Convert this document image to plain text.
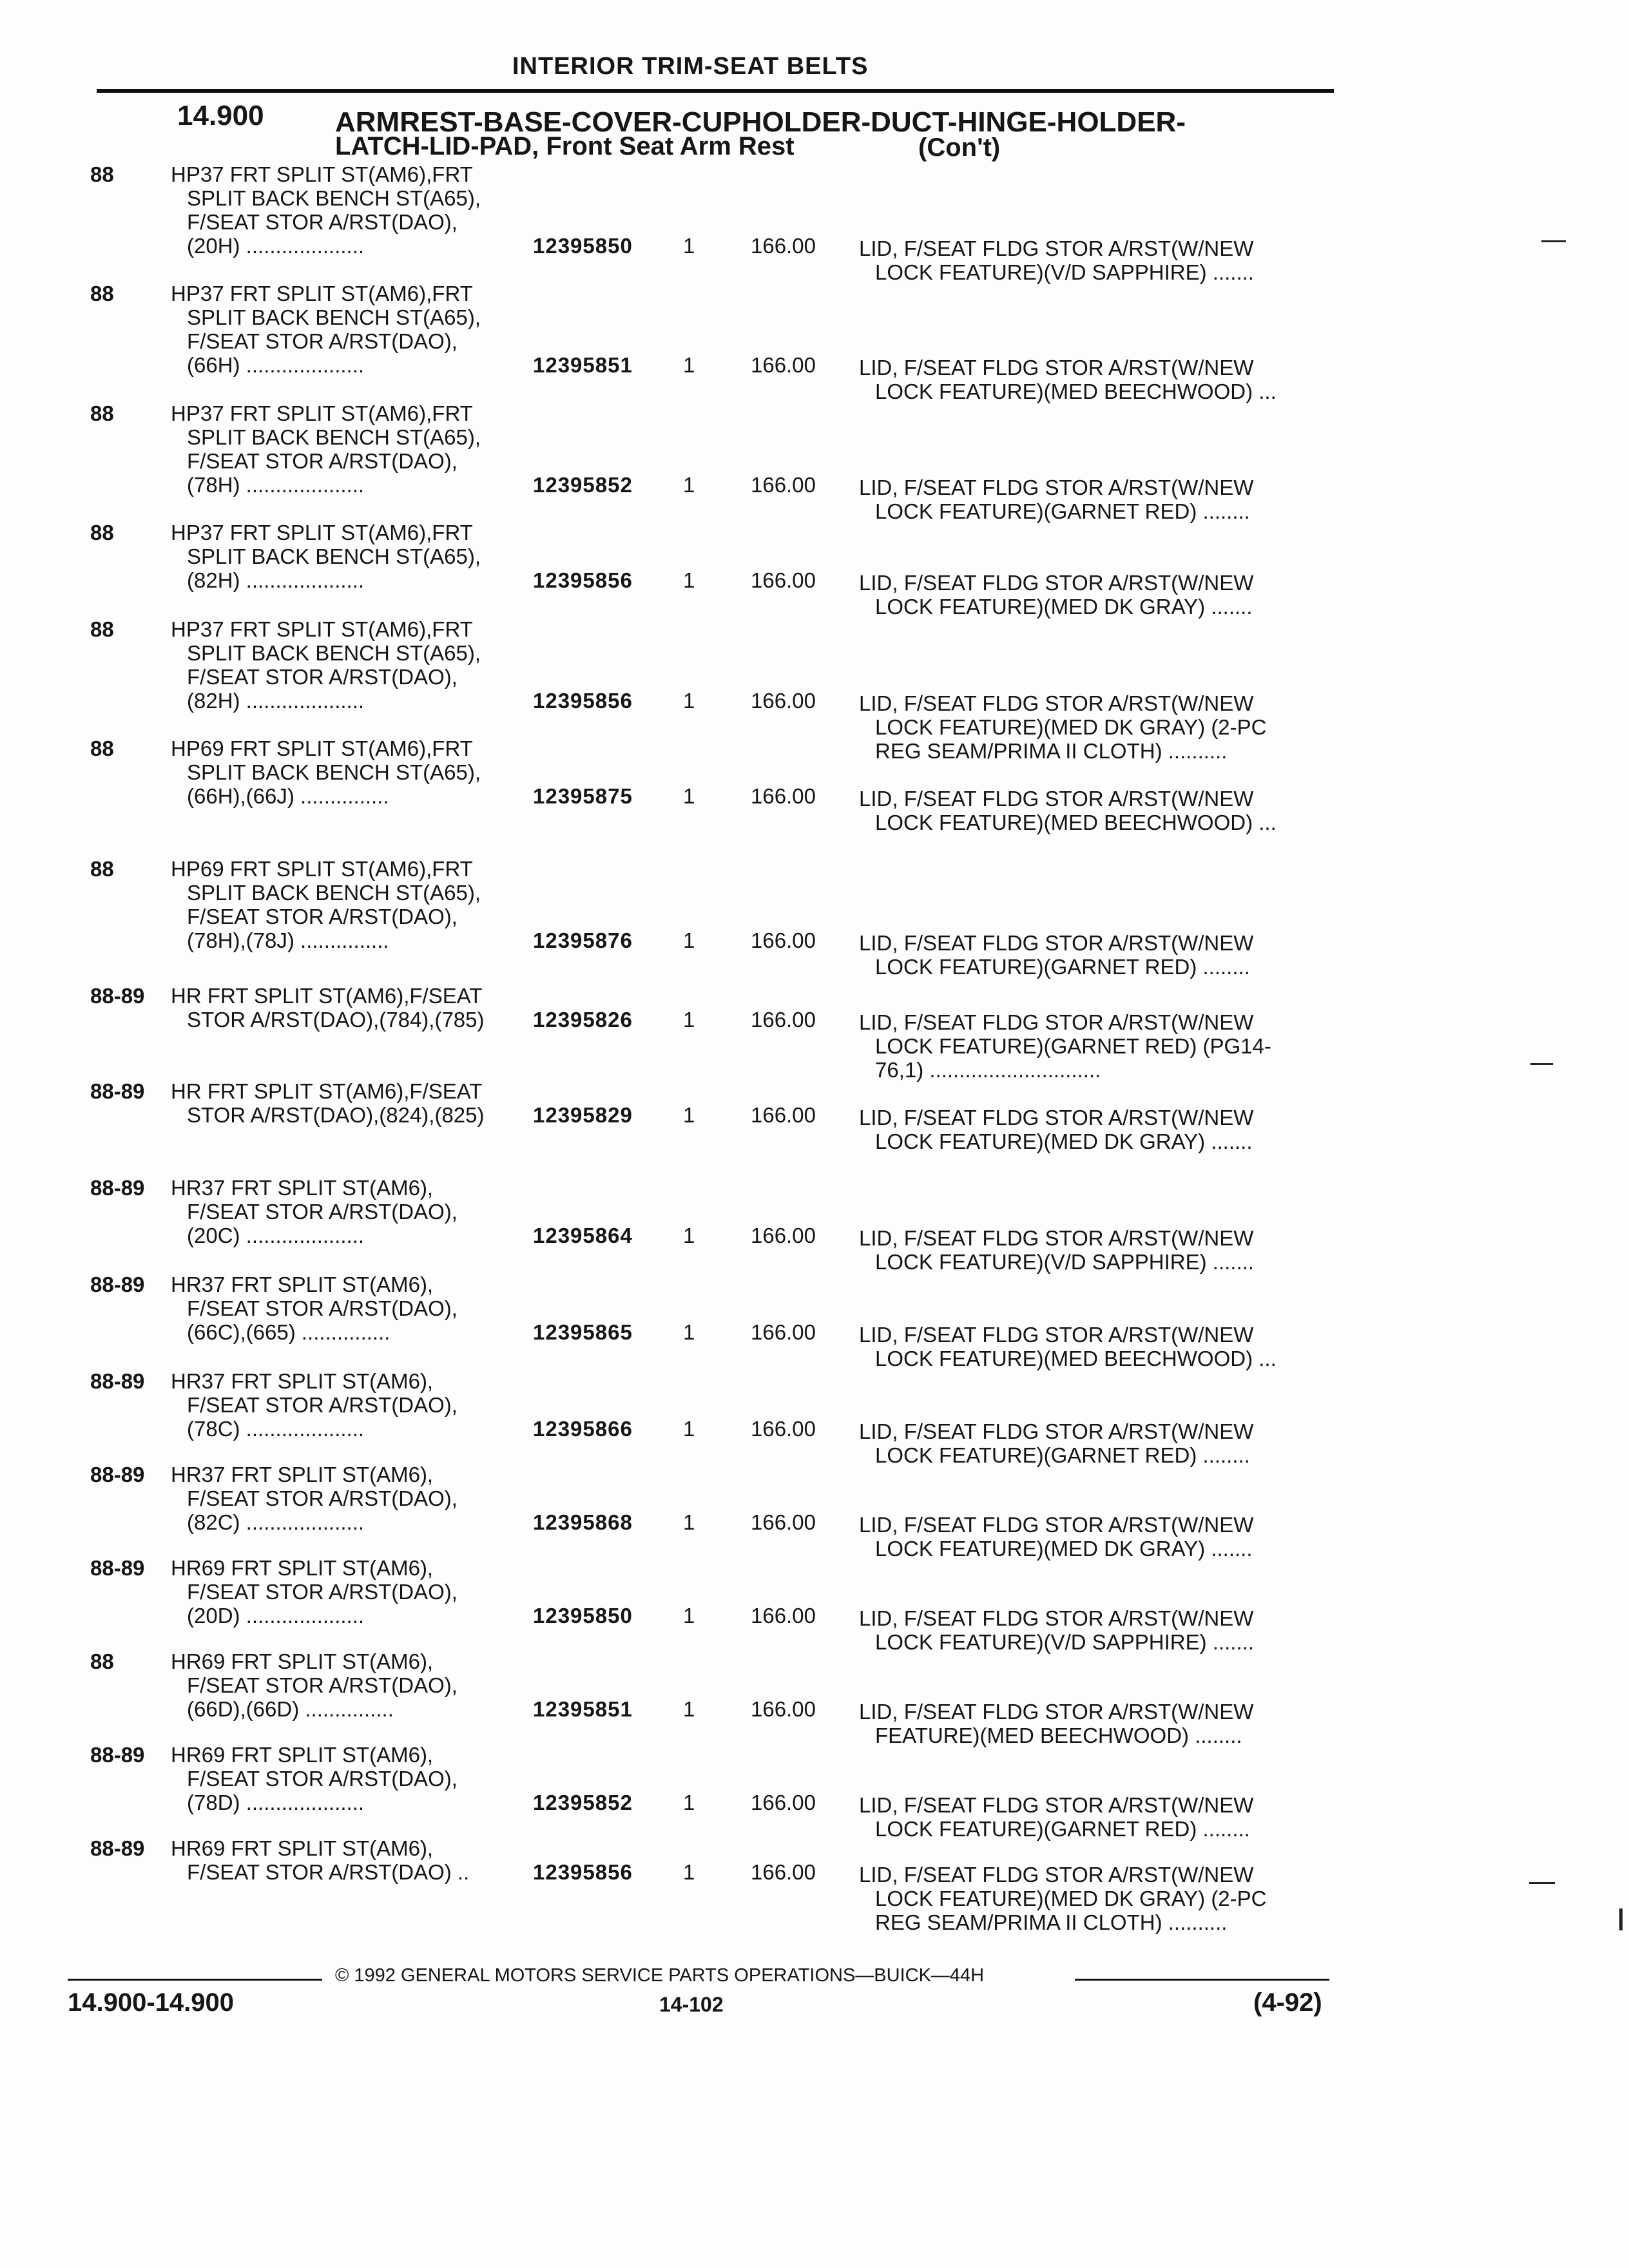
INTERIOR TRIM-SEAT BELTS
14.900	ARMREST-BASE-COVER-CUPHOLDER-DUCT-HINGE-HOLDER-
LATCH-LID-PAD, Front Seat Arm Rest	(Con't)
88	HP37 FRT SPLIT ST(AM6),FRT
SPLIT BACK BENCH ST(A65),
F/SEAT STOR A/RST(DAO),
(20H) ....................	12395850	1	166.00	LID, F/SEAT FLDG STOR A/RST(W/NEW
LOCK FEATURE)(V/D SAPPHIRE) .......
88	HP37 FRT SPLIT ST(AM6),FRT
SPLIT BACK BENCH ST(A65),
F/SEAT STOR A/RST(DAO),
(66H) ....................	12395851	1	166.00	LID, F/SEAT FLDG STOR A/RST(W/NEW
LOCK FEATURE)(MED BEECHWOOD) ...
88	HP37 FRT SPLIT ST(AM6),FRT
SPLIT BACK BENCH ST(A65),
F/SEAT STOR A/RST(DAO),
(78H) ....................	12395852	1	166.00	LID, F/SEAT FLDG STOR A/RST(W/NEW
LOCK FEATURE)(GARNET RED) ........
88	HP37 FRT SPLIT ST(AM6),FRT
SPLIT BACK BENCH ST(A65),
(82H) ....................	12395856	1	166.00	LID, F/SEAT FLDG STOR A/RST(W/NEW
LOCK FEATURE)(MED DK GRAY) .......
88	HP37 FRT SPLIT ST(AM6),FRT
SPLIT BACK BENCH ST(A65),
F/SEAT STOR A/RST(DAO),
(82H) ....................	12395856	1	166.00	LID, F/SEAT FLDG STOR A/RST(W/NEW
LOCK FEATURE)(MED DK GRAY) (2-PC
REG SEAM/PRIMA II CLOTH) ..........
88	HP69 FRT SPLIT ST(AM6),FRT
SPLIT BACK BENCH ST(A65),
(66H),(66J) ...............	12395875	1	166.00	LID, F/SEAT FLDG STOR A/RST(W/NEW
LOCK FEATURE)(MED BEECHWOOD) ...
88	HP69 FRT SPLIT ST(AM6),FRT
SPLIT BACK BENCH ST(A65),
F/SEAT STOR A/RST(DAO),
(78H),(78J) ...............	12395876	1	166.00	LID, F/SEAT FLDG STOR A/RST(W/NEW
LOCK FEATURE)(GARNET RED) ........
88-89	HR FRT SPLIT ST(AM6),F/SEAT
STOR A/RST(DAO),(784),(785)	12395826	1	166.00	LID, F/SEAT FLDG STOR A/RST(W/NEW
LOCK FEATURE)(GARNET RED) (PG14-
76,1) .............................
88-89	HR FRT SPLIT ST(AM6),F/SEAT
STOR A/RST(DAO),(824),(825)	12395829	1	166.00	LID, F/SEAT FLDG STOR A/RST(W/NEW
LOCK FEATURE)(MED DK GRAY) .......
88-89	HR37 FRT SPLIT ST(AM6),
F/SEAT STOR A/RST(DAO),
(20C) ....................	12395864	1	166.00	LID, F/SEAT FLDG STOR A/RST(W/NEW
LOCK FEATURE)(V/D SAPPHIRE) .......
88-89	HR37 FRT SPLIT ST(AM6),
F/SEAT STOR A/RST(DAO),
(66C),(665) ...............	12395865	1	166.00	LID, F/SEAT FLDG STOR A/RST(W/NEW
LOCK FEATURE)(MED BEECHWOOD) ...
88-89	HR37 FRT SPLIT ST(AM6),
F/SEAT STOR A/RST(DAO),
(78C) ....................	12395866	1	166.00	LID, F/SEAT FLDG STOR A/RST(W/NEW
LOCK FEATURE)(GARNET RED) ........
88-89	HR37 FRT SPLIT ST(AM6),
F/SEAT STOR A/RST(DAO),
(82C) ....................	12395868	1	166.00	LID, F/SEAT FLDG STOR A/RST(W/NEW
LOCK FEATURE)(MED DK GRAY) .......
88-89	HR69 FRT SPLIT ST(AM6),
F/SEAT STOR A/RST(DAO),
(20D) ....................	12395850	1	166.00	LID, F/SEAT FLDG STOR A/RST(W/NEW
LOCK FEATURE)(V/D SAPPHIRE) .......
88	HR69 FRT SPLIT ST(AM6),
F/SEAT STOR A/RST(DAO),
(66D),(66D) ...............	12395851	1	166.00	LID, F/SEAT FLDG STOR A/RST(W/NEW
FEATURE)(MED BEECHWOOD) ........
88-89	HR69 FRT SPLIT ST(AM6),
F/SEAT STOR A/RST(DAO),
(78D) ....................	12395852	1	166.00	LID, F/SEAT FLDG STOR A/RST(W/NEW
LOCK FEATURE)(GARNET RED) ........
88-89	HR69 FRT SPLIT ST(AM6),
F/SEAT STOR A/RST(DAO) ..	12395856	1	166.00	LID, F/SEAT FLDG STOR A/RST(W/NEW
LOCK FEATURE)(MED DK GRAY) (2-PC
REG SEAM/PRIMA II CLOTH) ..........
© 1992 GENERAL MOTORS SERVICE PARTS OPERATIONS—BUICK—44H
14.900-14.900	14-102	(4-92)
